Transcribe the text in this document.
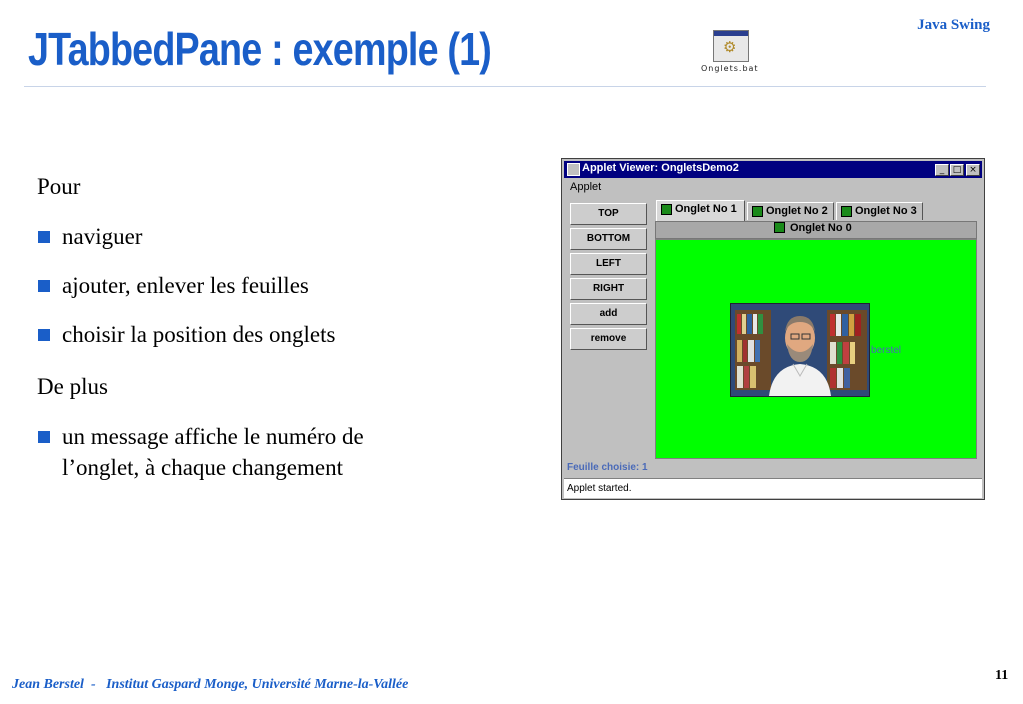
JTabbedPane : exemple (1)	Java Swing
⚙
Onglets.bat
Pour
naviguer
ajouter, enlever les feuilles
choisir la position des onglets
De plus
un message affiche le numéro de
l’onglet, à chaque changement
Applet Viewer: OngletsDemo2	_ □ ×
Applet
TOP
BOTTOM
LEFT
RIGHT
add
remove
Onglet No 1	Onglet No 2	Onglet No 3
Onglet No 0
berstel
Feuille choisie: 1
Applet started.
Jean Berstel  -   Institut Gaspard Monge, Université Marne-la-Vallée
11
